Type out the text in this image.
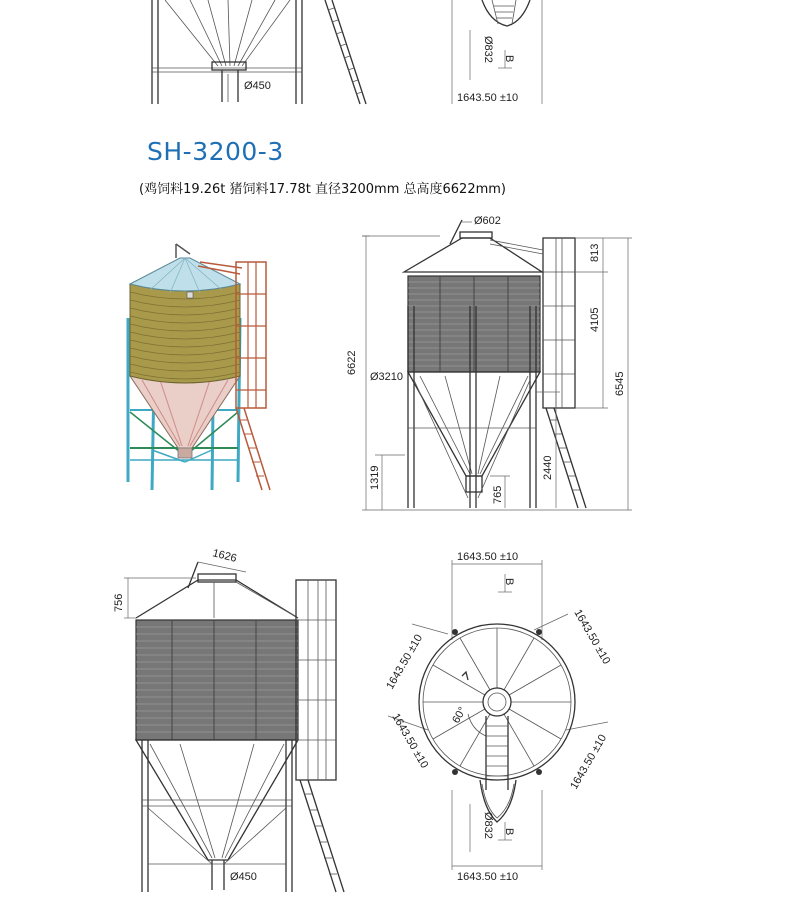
Ø450
Ø832 B
1643.50 ±10
Ø602
Ø3210
6622
813
4105
6545
1319	2440
765
1626
756
Ø450
1643.50 ±10
B
1643.50 ±10
1643.50 ±10
1643.50 ±10	1643.50 ±10
60°
Ø832 B
1643.50 ±10
SH-3200-3
(鸡饲料19.26t 猪饲料17.78t 直径3200mm 总高度6622mm)
